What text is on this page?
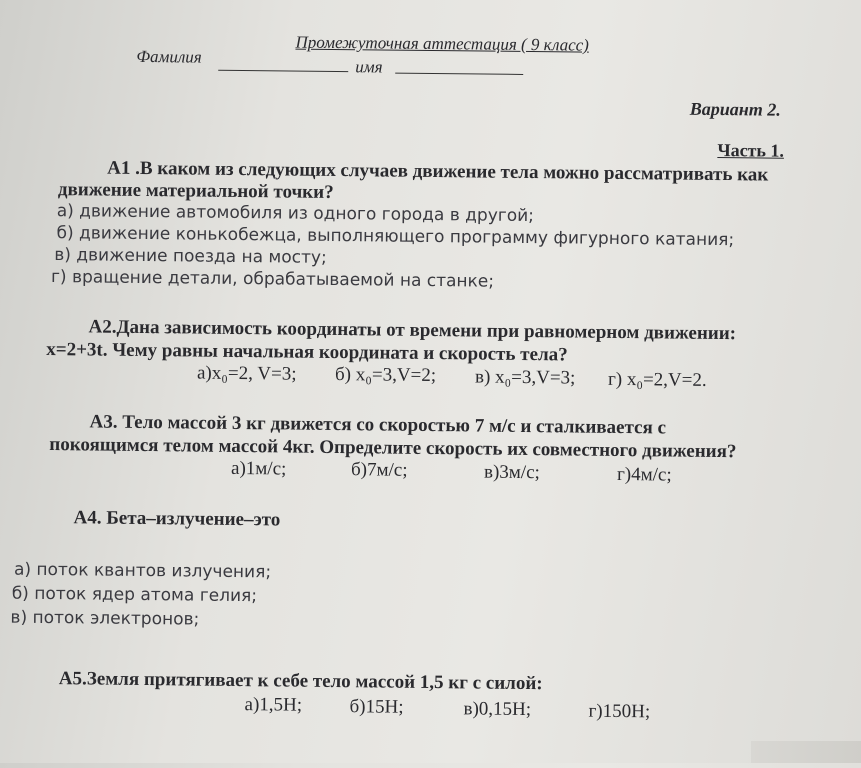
Промежуточная аттестация ( 9 класс)
Фамилия
имя
Вариант 2.
Часть 1.
А1 .В каком из следующих случаев движение тела можно рассматривать как
движение материальной точки?
а) движение автомобиля из одного города в другой;
б) движение конькобежца, выполняющего программу фигурного катания;
в) движение поезда на мосту;
г) вращение детали, обрабатываемой на станке;
А2.Дана зависимость координаты от времени при равномерном движении:
x=2+3t. Чему равны начальная координата и скорость тела?
а)x₀=2, V=3; б) x₀=3,V=2; в) x₀=3,V=3; г) x₀=2,V=2.
А3. Тело массой 3 кг движется со скоростью 7 м/с и сталкивается с
покоящимся телом массой 4кг. Определите скорость их совместного движения?
а)1м/с;	б)7м/с;	в)3м/с;	г)4м/с;
А4. Бета–излучение–это
а) поток квантов излучения;
б) поток ядер атома гелия;
в) поток электронов;
А5.Земля притягивает к себе тело массой 1,5 кг с силой:
а)1,5Н; б)15Н;	в)0,15Н;	г)150Н;
